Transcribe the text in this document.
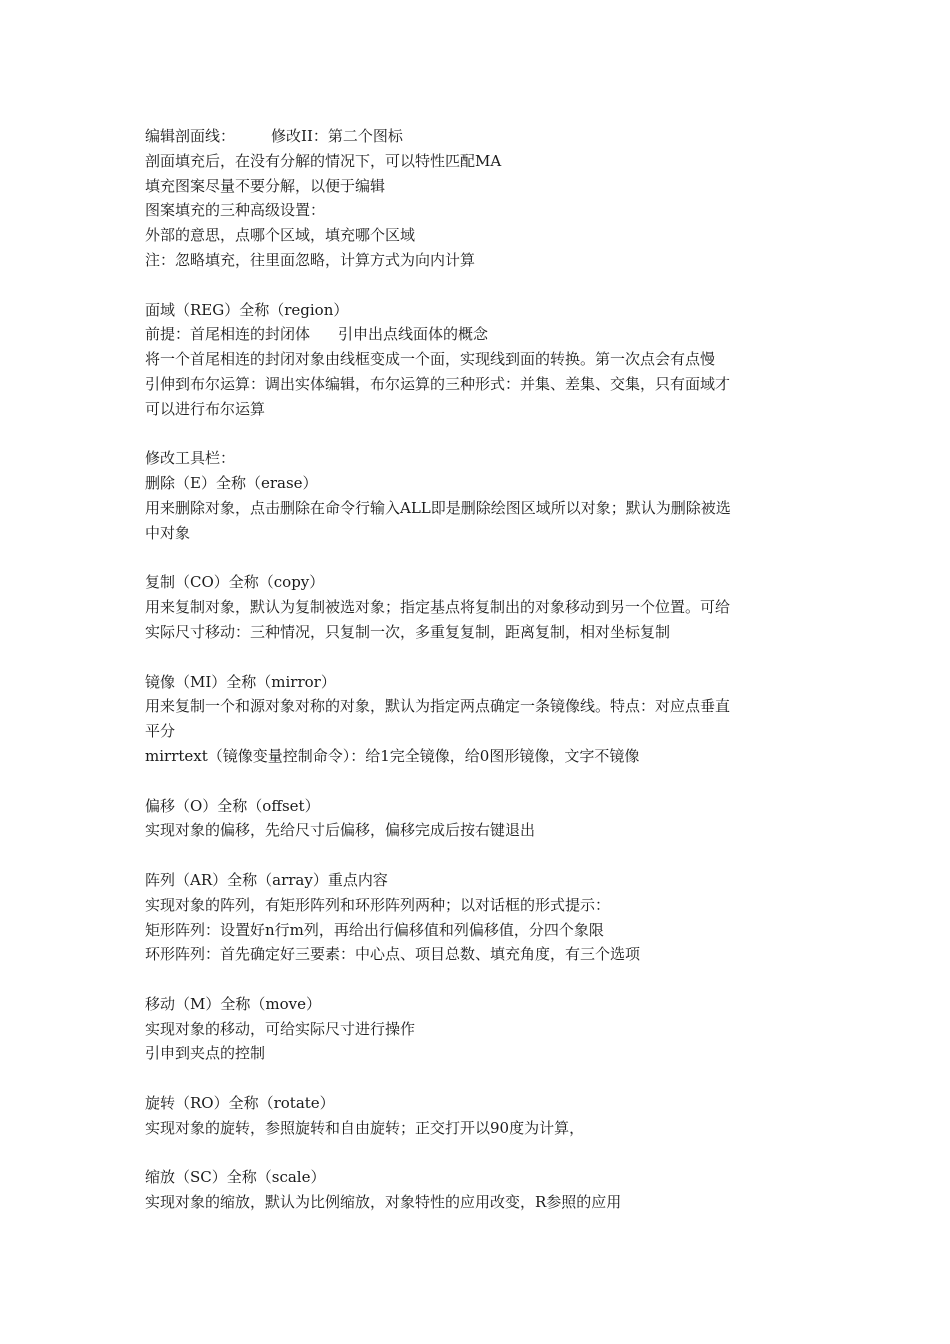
编辑剖面线： 修改II：第二个图标
剖面填充后，在没有分解的情况下，可以特性匹配MA
填充图案尽量不要分解，以便于编辑
图案填充的三种高级设置：
外部的意思，点哪个区域，填充哪个区域
注：忽略填充，往里面忽略，计算方式为向内计算
面域（REG）全称（region）
前提：首尾相连的封闭体 引申出点线面体的概念
将一个首尾相连的封闭对象由线框变成一个面，实现线到面的转换。第一次点会有点慢
引伸到布尔运算：调出实体编辑，布尔运算的三种形式：并集、差集、交集，只有面域才
可以进行布尔运算
修改工具栏：
删除（E）全称（erase）
用来删除对象，点击删除在命令行输入ALL即是删除绘图区域所以对象；默认为删除被选
中对象
复制（CO）全称（copy）
用来复制对象，默认为复制被选对象；指定基点将复制出的对象移动到另一个位置。可给
实际尺寸移动：三种情况，只复制一次，多重复复制，距离复制，相对坐标复制
镜像（MI）全称（mirror）
用来复制一个和源对象对称的对象，默认为指定两点确定一条镜像线。特点：对应点垂直
平分
mirrtext（镜像变量控制命令）：给1完全镜像，给0图形镜像，文字不镜像
偏移（O）全称（offset）
实现对象的偏移，先给尺寸后偏移，偏移完成后按右键退出
阵列（AR）全称（array）重点内容
实现对象的阵列，有矩形阵列和环形阵列两种；以对话框的形式提示：
矩形阵列：设置好n行m列，再给出行偏移值和列偏移值，分四个象限
环形阵列：首先确定好三要素：中心点、项目总数、填充角度，有三个选项
移动（M）全称（move）
实现对象的移动，可给实际尺寸进行操作
引申到夹点的控制
旋转（RO）全称（rotate）
实现对象的旋转，参照旋转和自由旋转；正交打开以90度为计算，
缩放（SC）全称（scale）
实现对象的缩放，默认为比例缩放，对象特性的应用改变，R参照的应用
